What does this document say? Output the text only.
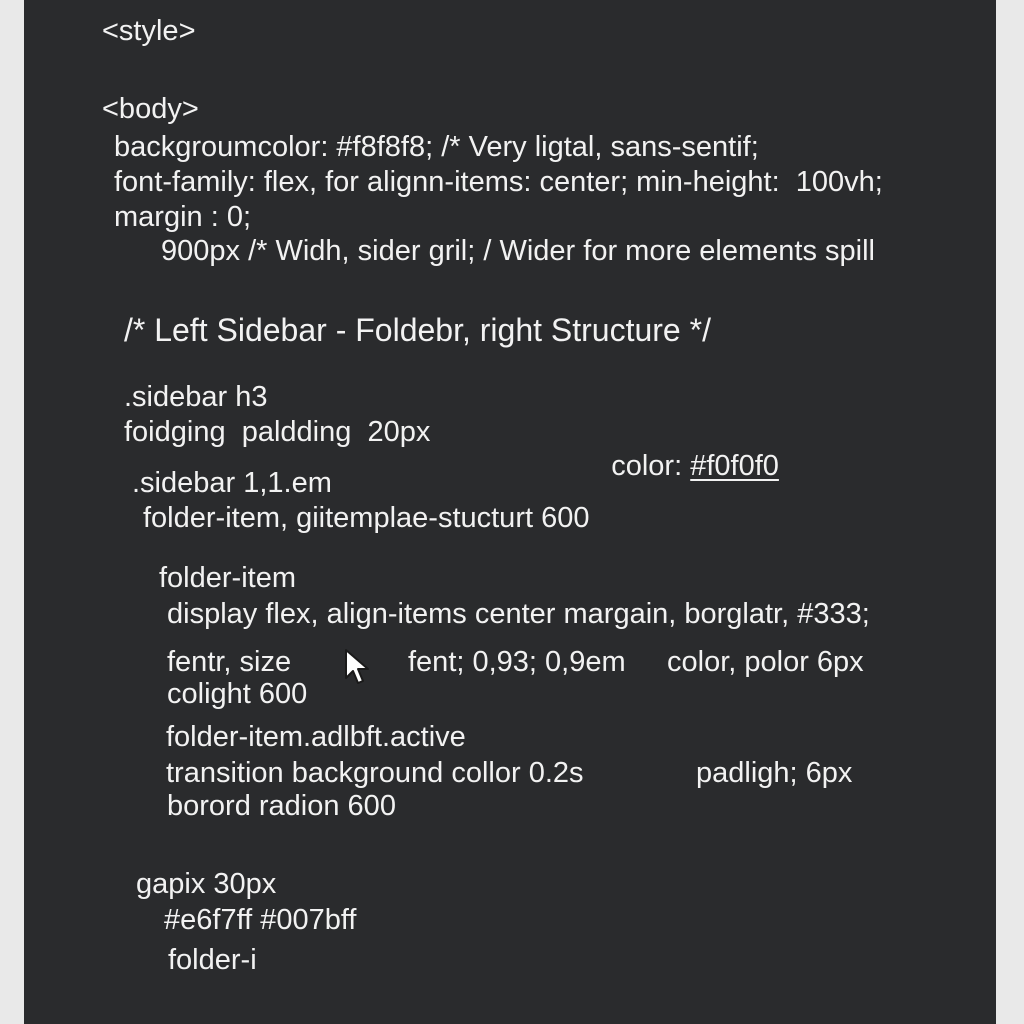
<style>
<body>
backgroumcolor: #f8f8f8; /* Very ligtal, sans-sentif;
font-family: flex, for alignn-items: center; min-height:  100vh;
margin : 0;
900px /* Widh, sider gril; / Wider for more elements spill
/* Left Sidebar - Foldebr, right Structure */
.sidebar h3
foidging  paldding  20px

color: #f0f0f0

.sidebar 1,1.em
folder-item, giitemplae-stucturt 600
folder-item
display flex, align-items center margain, borglatr, #333;
fentr, size	fent; 0,93; 0,9em color, polor 6px
colight 600
folder-item.adlbft.active
transition background collor 0.2s	padligh; 6px
borord radion 600
gapix 30px
#e6f7ff #007bff
folder-i
